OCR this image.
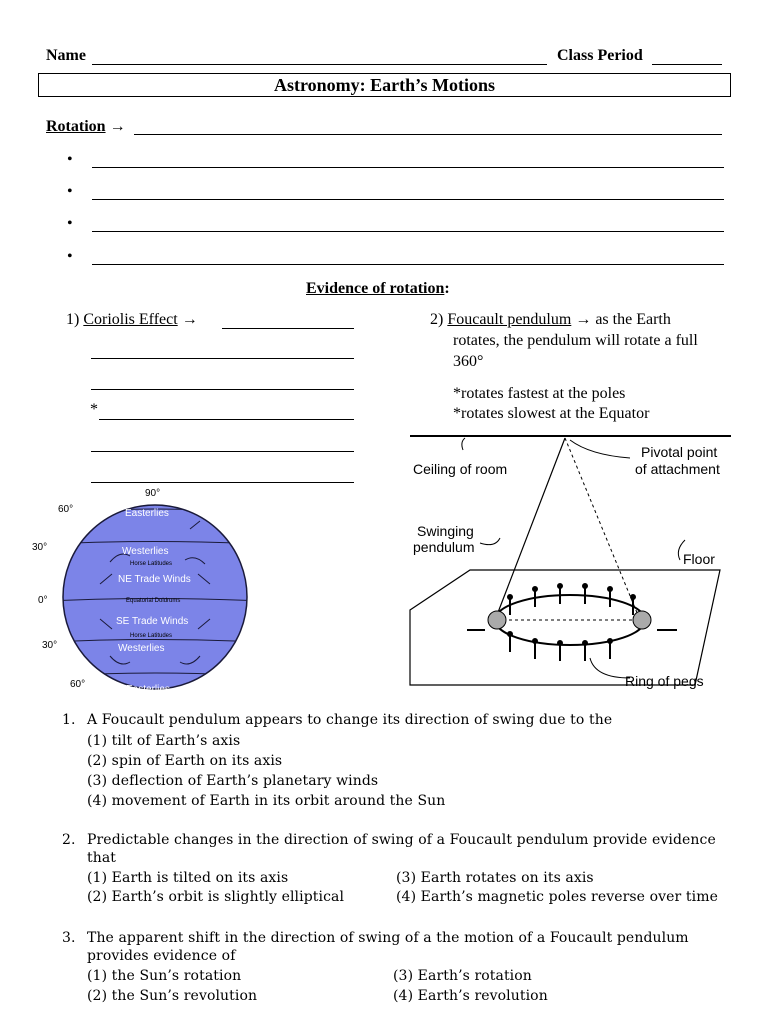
Name	Class Period
Astronomy: Earth’s Motions
Rotation →
•
•
•
•
Evidence of rotation:
1) Coriolis Effect →
*
2) Foucault pendulum → as the Earth
rotates, the pendulum will rotate a full
360°
*rotates fastest at the poles
*rotates slowest at the Equator
90°
60°
30°
0°
30°
60°
Easterlies
Westerlies
Horse Latitudes
NE Trade Winds
Equatorial Doldrums
SE Trade Winds
Horse Latitudes
Westerlies
Easterlies
Ceiling of room
Pivotal point
of attachment
Swinging
pendulum
Floor
Ring of pegs
1. A Foucault pendulum appears to change its direction of swing due to the
(1) tilt of Earth’s axis
(2) spin of Earth on its axis
(3) deflection of Earth’s planetary winds
(4) movement of Earth in its orbit around the Sun
2. Predictable changes in the direction of swing of a Foucault pendulum provide evidence
that
(1) Earth is tilted on its axis	(3) Earth rotates on its axis
(2) Earth’s orbit is slightly elliptical	(4) Earth’s magnetic poles reverse over time
3. The apparent shift in the direction of swing of a the motion of a Foucault pendulum
provides evidence of
(1) the Sun’s rotation	(3) Earth’s rotation
(2) the Sun’s revolution	(4) Earth’s revolution
